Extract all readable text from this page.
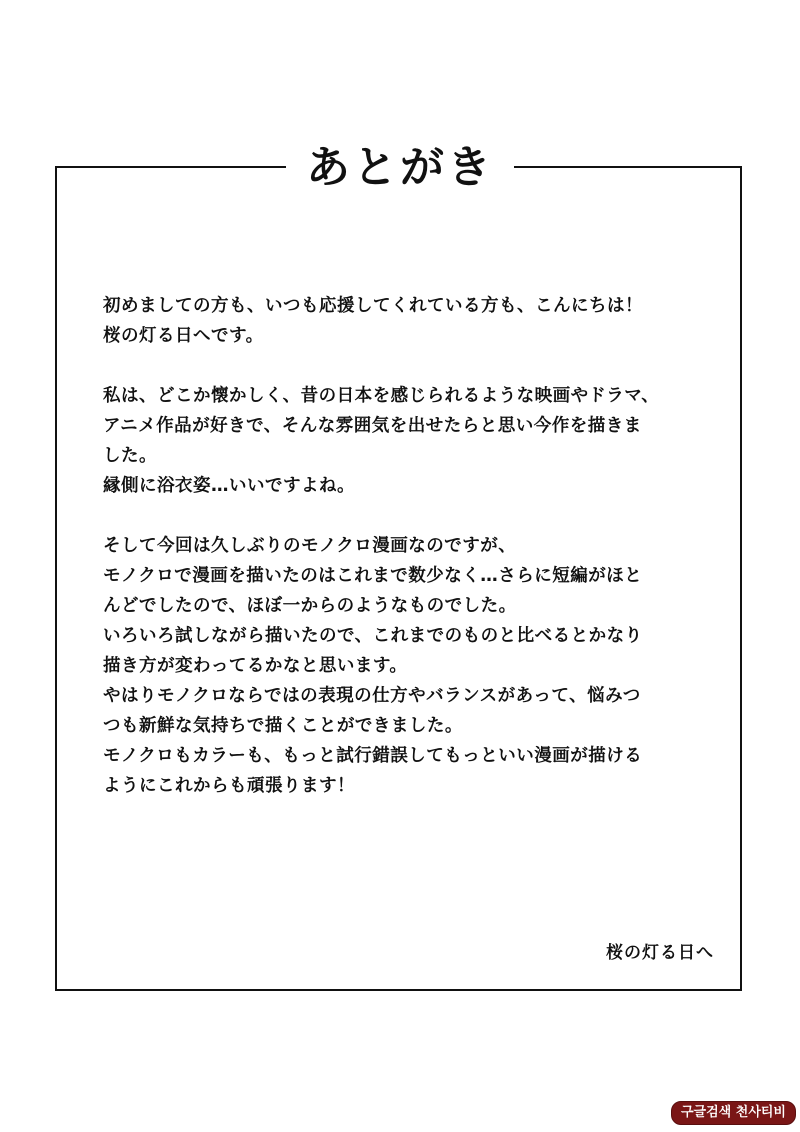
あとがき
初めましての方も、いつも応援してくれている方も、こんにちは！
桜の灯る日へです。
私は、どこか懐かしく、昔の日本を感じられるような映画やドラマ、
アニメ作品が好きで、そんな雰囲気を出せたらと思い今作を描きま
した。
縁側に浴衣姿…いいですよね。
そして今回は久しぶりのモノクロ漫画なのですが、
モノクロで漫画を描いたのはこれまで数少なく…さらに短編がほと
んどでしたので、ほぼ一からのようなものでした。
いろいろ試しながら描いたので、これまでのものと比べるとかなり
描き方が変わってるかなと思います。
やはりモノクロならではの表現の仕方やバランスがあって、悩みつ
つも新鮮な気持ちで描くことができました。
モノクロもカラーも、もっと試行錯誤してもっといい漫画が描ける
ようにこれからも頑張ります！
桜の灯る日へ
구글검색 천사티비
